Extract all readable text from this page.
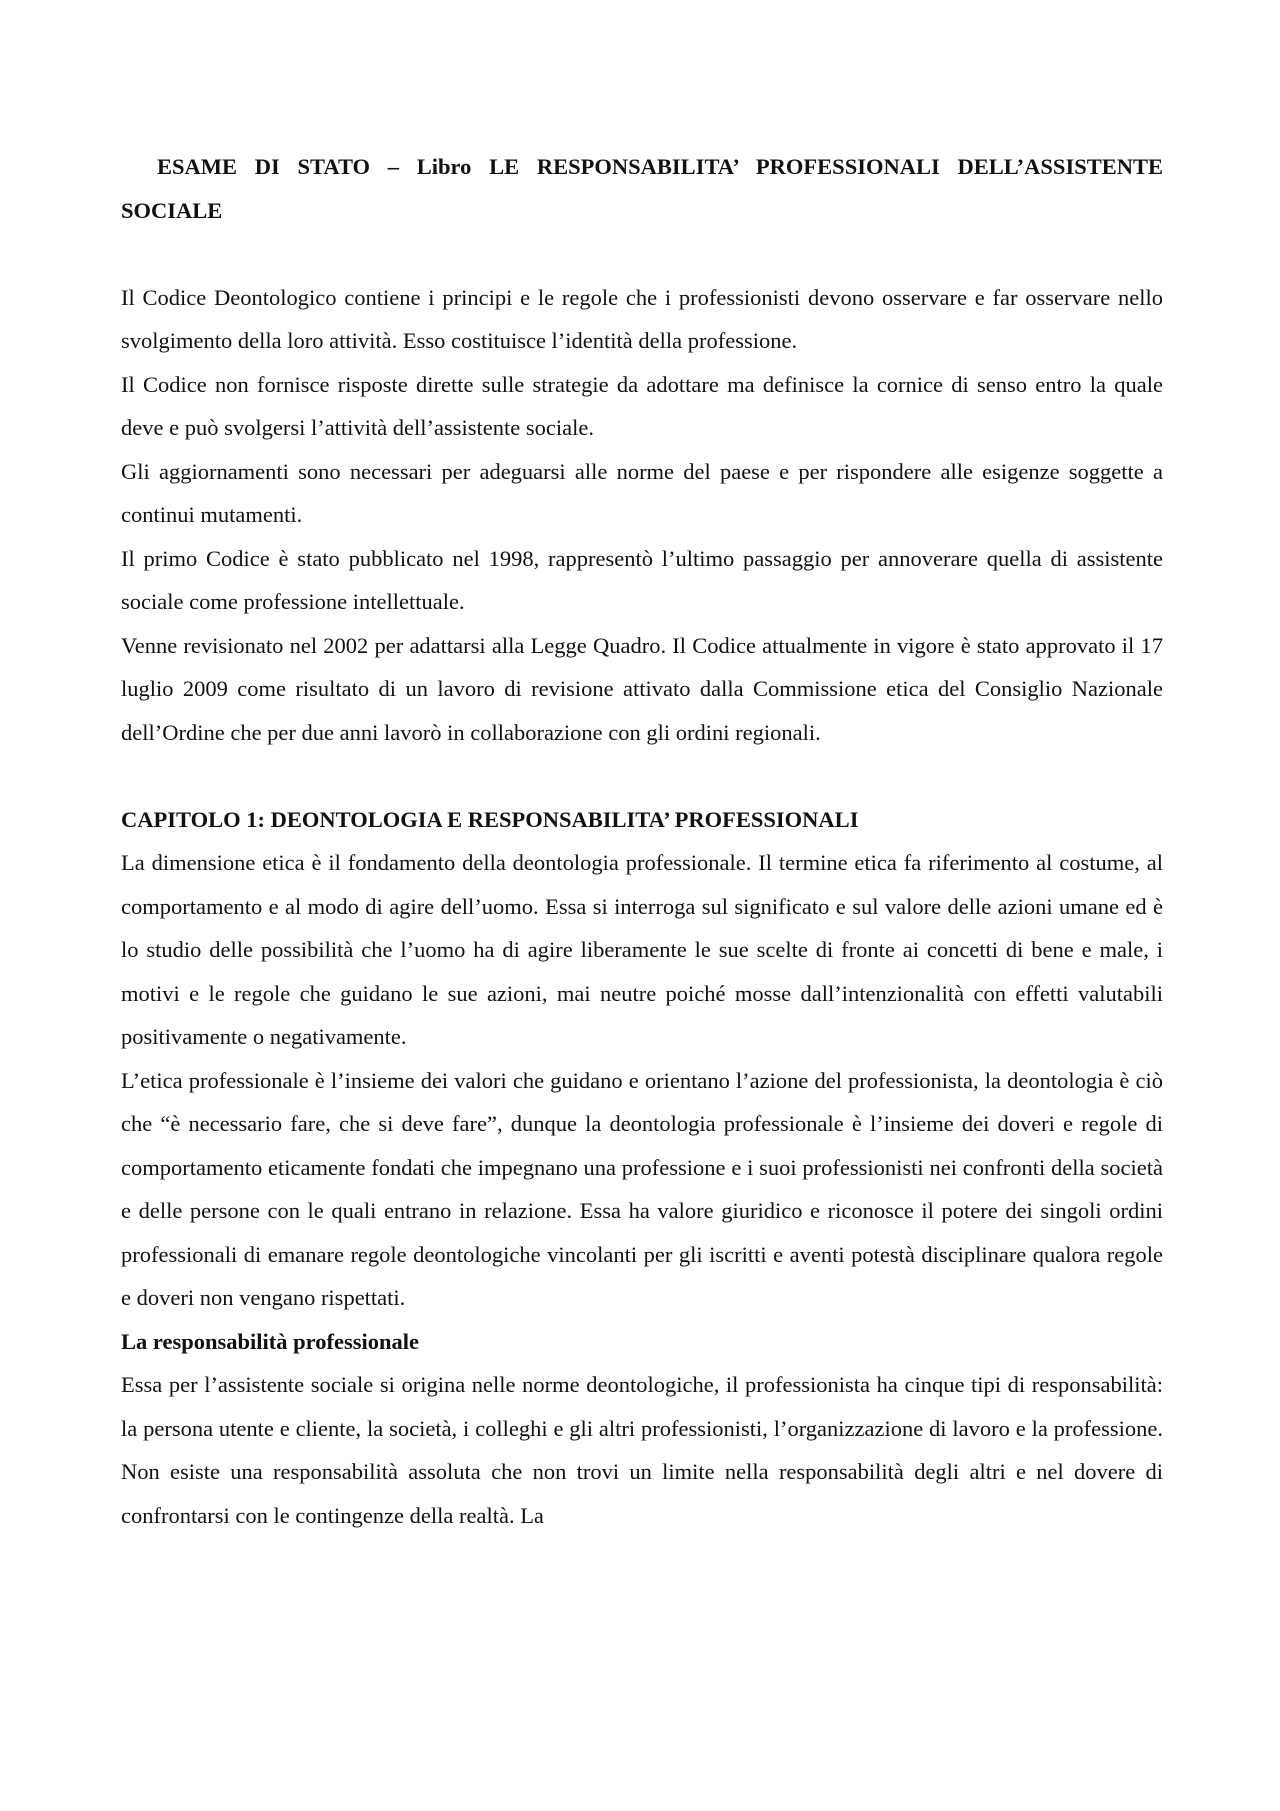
ESAME DI STATO – Libro LE RESPONSABILITA’ PROFESSIONALI DELL’ASSISTENTE SOCIALE

Il Codice Deontologico contiene i principi e le regole che i professionisti devono osservare e far osservare nello svolgimento della loro attività. Esso costituisce l’identità della professione.

Il Codice non fornisce risposte dirette sulle strategie da adottare ma definisce la cornice di senso entro la quale deve e può svolgersi l’attività dell’assistente sociale.

Gli aggiornamenti sono necessari per adeguarsi alle norme del paese e per rispondere alle esigenze soggette a continui mutamenti.

Il primo Codice è stato pubblicato nel 1998, rappresentò l’ultimo passaggio per annoverare quella di assistente sociale come professione intellettuale.

Venne revisionato nel 2002 per adattarsi alla Legge Quadro. Il Codice attualmente in vigore è stato approvato il 17 luglio 2009 come risultato di un lavoro di revisione attivato dalla Commissione etica del Consiglio Nazionale dell’Ordine che per due anni lavorò in collaborazione con gli ordini regionali.

CAPITOLO 1: DEONTOLOGIA E RESPONSABILITA’ PROFESSIONALI

La dimensione etica è il fondamento della deontologia professionale. Il termine etica fa riferimento al costume, al comportamento e al modo di agire dell’uomo. Essa si interroga sul significato e sul valore delle azioni umane ed è lo studio delle possibilità che l’uomo ha di agire liberamente le sue scelte di fronte ai concetti di bene e male, i motivi e le regole che guidano le sue azioni, mai neutre poiché mosse dall’intenzionalità con effetti valutabili positivamente o negativamente.

L’etica professionale è l’insieme dei valori che guidano e orientano l’azione del professionista, la deontologia è ciò che “è necessario fare, che si deve fare”, dunque la deontologia professionale è l’insieme dei doveri e regole di comportamento eticamente fondati che impegnano una professione e i suoi professionisti nei confronti della società e delle persone con le quali entrano in relazione. Essa ha valore giuridico e riconosce il potere dei singoli ordini professionali di emanare regole deontologiche vincolanti per gli iscritti e aventi potestà disciplinare qualora regole e doveri non vengano rispettati.

La responsabilità professionale

Essa per l’assistente sociale si origina nelle norme deontologiche, il professionista ha cinque tipi di responsabilità: la persona utente e cliente, la società, i colleghi e gli altri professionisti, l’organizzazione di lavoro e la professione. Non esiste una responsabilità assoluta che non trovi un limite nella responsabilità degli altri e nel dovere di confrontarsi con le contingenze della realtà. La
